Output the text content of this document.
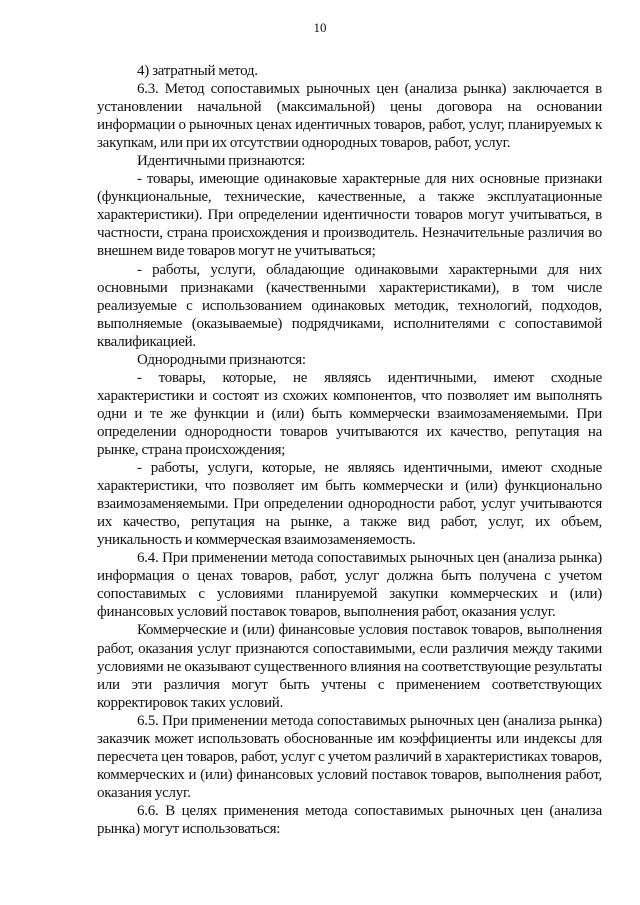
10

4) затратный метод.

6.3. Метод сопоставимых рыночных цен (анализа рынка) заключается в установлении начальной (максимальной) цены договора на основании информации о рыночных ценах идентичных товаров, работ, услуг, планируемых к закупкам, или при их отсутствии однородных товаров, работ, услуг.

Идентичными признаются:

- товары, имеющие одинаковые характерные для них основные признаки (функциональные, технические, качественные, а также эксплуатационные характеристики). При определении идентичности товаров могут учитываться, в частности, страна происхождения и производитель. Незначительные различия во внешнем виде товаров могут не учитываться;

- работы, услуги, обладающие одинаковыми характерными для них основными признаками (качественными характеристиками), в том числе реализуемые с использованием одинаковых методик, технологий, подходов, выполняемые (оказываемые) подрядчиками, исполнителями с сопоставимой квалификацией.

Однородными признаются:

- товары, которые, не являясь идентичными, имеют сходные характеристики и состоят из схожих компонентов, что позволяет им выполнять одни и те же функции и (или) быть коммерчески взаимозаменяемыми. При определении однородности товаров учитываются их качество, репутация на рынке, страна происхождения;

- работы, услуги, которые, не являясь идентичными, имеют сходные характеристики, что позволяет им быть коммерчески и (или) функционально взаимозаменяемыми. При определении однородности работ, услуг учитываются их качество, репутация на рынке, а также вид работ, услуг, их объем, уникальность и коммерческая взаимозаменяемость.

6.4. При применении метода сопоставимых рыночных цен (анализа рынка) информация о ценах товаров, работ, услуг должна быть получена с учетом сопоставимых с условиями планируемой закупки коммерческих и (или) финансовых условий поставок товаров, выполнения работ, оказания услуг.

Коммерческие и (или) финансовые условия поставок товаров, выполнения работ, оказания услуг признаются сопоставимыми, если различия между такими условиями не оказывают существенного влияния на соответствующие результаты или эти различия могут быть учтены с применением соответствующих корректировок таких условий.

6.5. При применении метода сопоставимых рыночных цен (анализа рынка) заказчик может использовать обоснованные им коэффициенты или индексы для пересчета цен товаров, работ, услуг с учетом различий в характеристиках товаров, коммерческих и (или) финансовых условий поставок товаров, выполнения работ, оказания услуг.

6.6. В целях применения метода сопоставимых рыночных цен (анализа рынка) могут использоваться:
